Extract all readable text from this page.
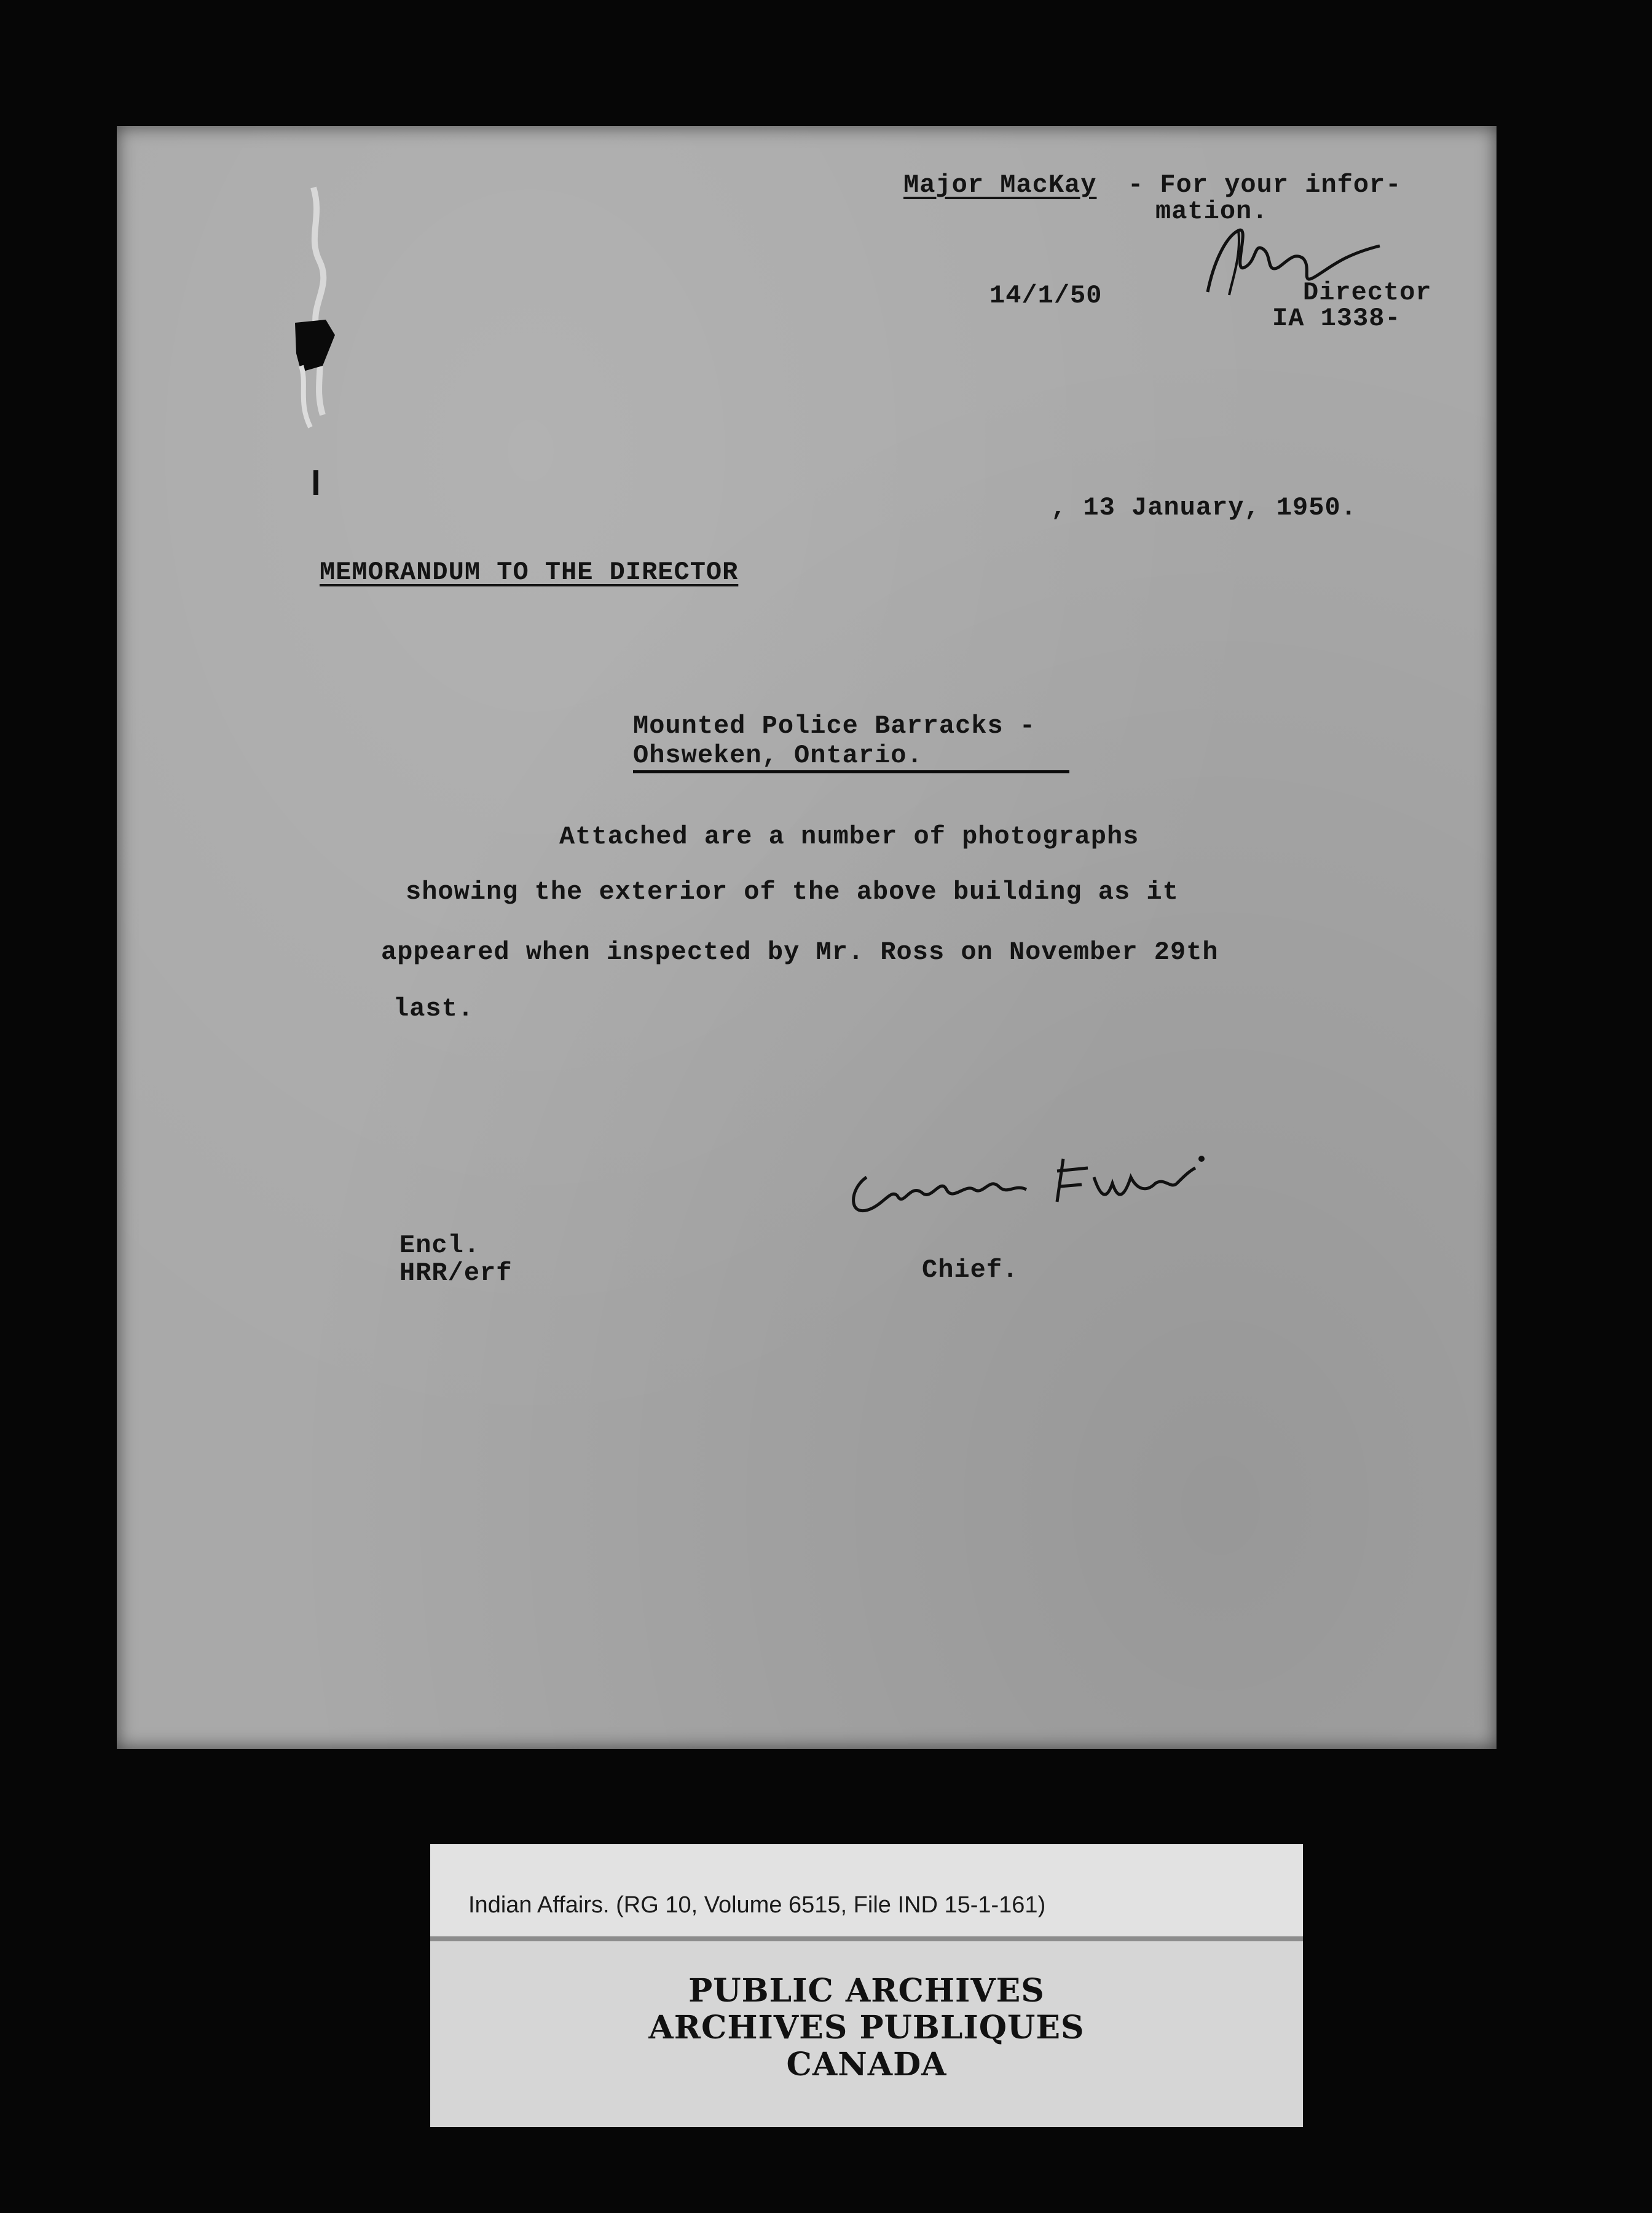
Major MacKay - For your infor-
mation.
14/1/50	Director
IA 1338-
, 13 January, 1950.
MEMORANDUM TO THE DIRECTOR
Mounted Police Barracks -
Ohsweken, Ontario.
Attached are a number of photographs
showing the exterior of the above building as it
appeared when inspected by Mr. Ross on November 29th
last.
Chief.
Encl.
HRR/erf
Indian Affairs. (RG 10, Volume 6515, File IND 15-1-161)
PUBLIC ARCHIVES
ARCHIVES PUBLIQUES
CANADA
